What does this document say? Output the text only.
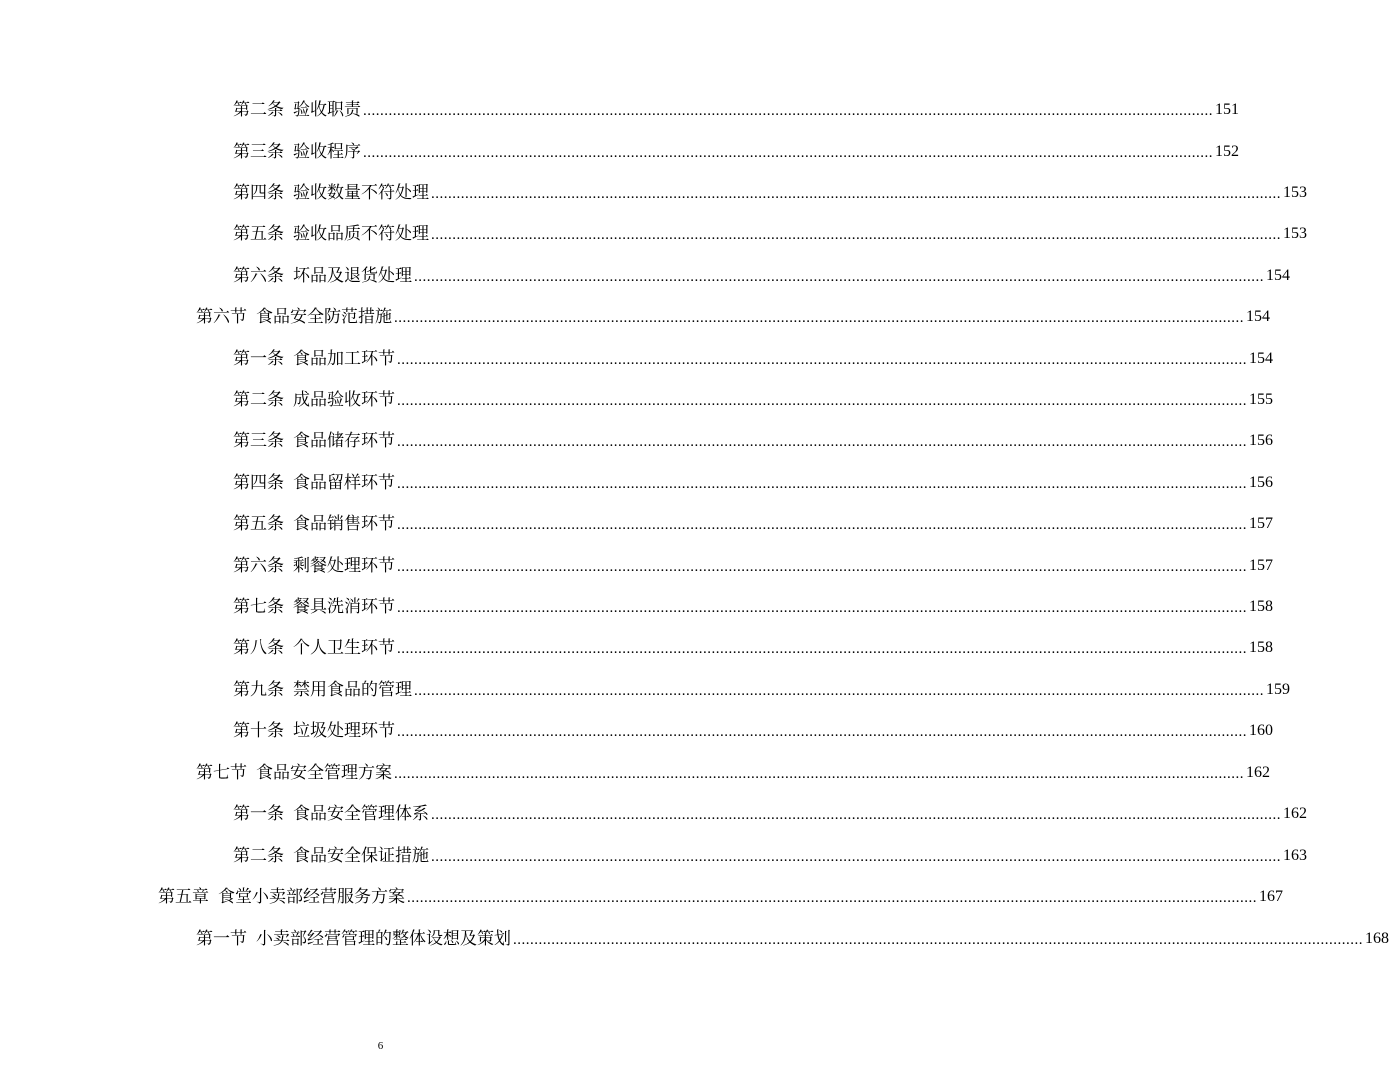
第二条 验收职责 ........................................................................................................................................................................................................ 151
第三条 验收程序 ........................................................................................................................................................................................................ 152
第四条 验收数量不符处理 ........................................................................................................................................................................................................ 153
第五条 验收品质不符处理 ........................................................................................................................................................................................................ 153
第六条 坏品及退货处理 ........................................................................................................................................................................................................ 154
第六节 食品安全防范措施 ........................................................................................................................................................................................................ 154
第一条 食品加工环节 ........................................................................................................................................................................................................ 154
第二条 成品验收环节 ........................................................................................................................................................................................................ 155
第三条 食品储存环节 ........................................................................................................................................................................................................ 156
第四条 食品留样环节 ........................................................................................................................................................................................................ 156
第五条 食品销售环节 ........................................................................................................................................................................................................ 157
第六条 剩餐处理环节 ........................................................................................................................................................................................................ 157
第七条 餐具洗消环节 ........................................................................................................................................................................................................ 158
第八条 个人卫生环节 ........................................................................................................................................................................................................ 158
第九条 禁用食品的管理 ........................................................................................................................................................................................................ 159
第十条 垃圾处理环节 ........................................................................................................................................................................................................ 160
第七节 食品安全管理方案 ........................................................................................................................................................................................................ 162
第一条 食品安全管理体系 ........................................................................................................................................................................................................ 162
第二条 食品安全保证措施 ........................................................................................................................................................................................................ 163
第五章 食堂小卖部经营服务方案 ........................................................................................................................................................................................................ 167
第一节 小卖部经营管理的整体设想及策划 ........................................................................................................................................................................................................ 168
6
